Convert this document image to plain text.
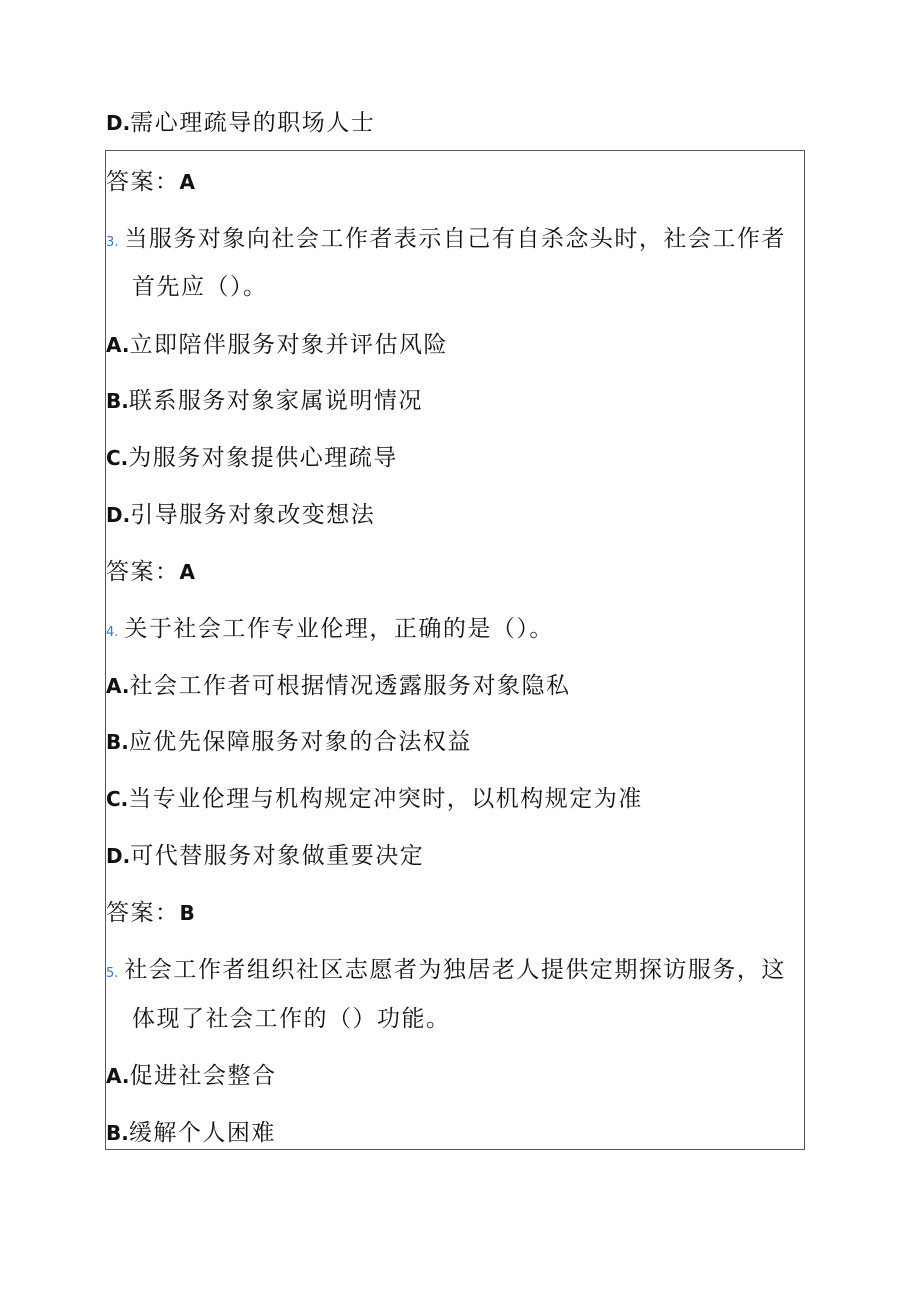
D.需心理疏导的职场人士
答案：A
3. 当服务对象向社会工作者表示自己有自杀念头时，社会工作者
首先应（）。
A.立即陪伴服务对象并评估风险
B.联系服务对象家属说明情况
C.为服务对象提供心理疏导
D.引导服务对象改变想法
答案：A
4. 关于社会工作专业伦理，正确的是（）。
A.社会工作者可根据情况透露服务对象隐私
B.应优先保障服务对象的合法权益
C.当专业伦理与机构规定冲突时，以机构规定为准
D.可代替服务对象做重要决定
答案：B
5. 社会工作者组织社区志愿者为独居老人提供定期探访服务，这
体现了社会工作的（）功能。
A.促进社会整合
B.缓解个人困难
